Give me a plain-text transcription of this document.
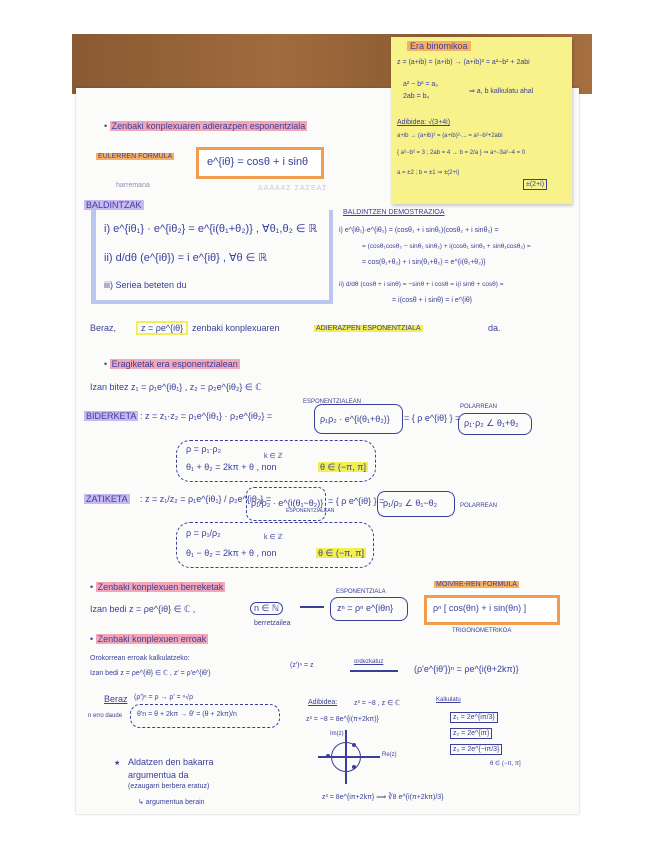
Era binomikoa
z = (a+ib) = (a+ib) → (a+ib)² = a²−b² + 2abi
a² − b² = a₀
2ab = b₀
⇒ a, b kalkulatu ahal
Adibidea: √(3+4i)
a+ib → (a+ib)² = (a+ib)²·... = a²−b²+2abi
{ a²−b² = 3 ; 2ab = 4 → b = 2/a } ⇒ a⁴−3a²−4 = 0
a = ±2 ; b = ±1 ⇒ ±(2+i)
±(2+i)
• Zenbaki konplexuaren adierazpen esponentziala
EULERREN FORMULA
harremana
e^{iθ} = cosθ + i sinθ
ΔΑΑΑΑΣ ΣΑΣΕΑΣ
BALDINTZAK
i) e^{iθ₁} · e^{iθ₂} = e^{i(θ₁+θ₂)} , ∀θ₁,θ₂ ∈ ℝ
ii) d/dθ (e^{iθ}) = i e^{iθ} , ∀θ ∈ ℝ
iii) Seriea beteten du
BALDINTZEN DEMOSTRAZIOA
i) e^{iθ₁}·e^{iθ₂} = (cosθ₁ + i sinθ₁)(cosθ₂ + i sinθ₂) =
= (cosθ₁cosθ₂ − sinθ₁ sinθ₂) + i(cosθ₁ sinθ₂ + sinθ₁cosθ₂) =
= cos(θ₁+θ₂) + i sin(θ₁+θ₂) = e^{i(θ₁+θ₂)}
ii) d/dθ (cosθ + i sinθ) = −sinθ + i cosθ = i(i sinθ + cosθ) =
= i(cosθ + i sinθ) = i e^{iθ}
Beraz,	z = ρe^{iθ} zenbaki konplexuaren	ADIERAZPEN ESPONENTZIALA	da.
• Eragiketak era esponentzialean
Izan bitez z₁ = ρ₁e^{iθ₁} , z₂ = ρ₂e^{iθ₂} ∈ ℂ
ESPONENTZIALEAN
POLARREAN
BIDERKETA : z = z₁·z₂ = ρ₁e^{iθ₁} · ρ₂e^{iθ₂} =	ρ₁ρ₂ · e^{i(θ₁+θ₂)} = { ρ e^{iθ} } = ρ₁·ρ₂ ∠ θ₁+θ₂
ρ = ρ₁·ρ₂
k ∈ ℤ
θ₁ + θ₂ = 2kπ + θ , non	θ ∈ (−π, π]
ZATIKETA : z = z₁/z₂ = ρ₁e^{iθ₁} / ρ₂e^{iθ₂} =
ρ₁/ρ₂ · e^{i(θ₁−θ₂)}
ESPONENTZIALEAN
= { ρ e^{iθ} } =
ρ₁/ρ₂ ∠ θ₁−θ₂	POLARREAN
ρ = ρ₁/ρ₂	k ∈ ℤ
θ₁ − θ₂ = 2kπ + θ , non	θ ∈ (−π, π]
• Zenbaki konplexuen berreketak
Izan bedi z = ρe^{iθ} ∈ ℂ ,	n ∈ ℕ
berretzailea
ESPONENTZIALA
zⁿ = ρⁿ e^{iθn}
MOIVRE-REN FORMULA
ρⁿ [ cos(θn) + i sin(θn) ]
TRIGONOMETRIKOA
• Zenbaki konplexuen erroak
Orokorrean erroak kalkulatzeko:
Izan bedi z = ρe^{iθ} ∈ ℂ , z' = ρ'e^{iθ'}
(z')ⁿ = z	ordezkatuz
(ρ'e^{iθ'})ⁿ = ρe^{i(θ+2kπ)}
Beraz (ρ')ⁿ = ρ → ρ' = ⁿ√ρ
n erro daude θ'n = θ + 2kπ → θ' = (θ + 2kπ)/n
★ Aldatzen den bakarra
argumentua da
(ezaugarri berbera eratuz)
↳ argumentua berain
Adibidea: z³ = −8 , z ∈ ℂ	Kalkulatu
z³ = −8 = 8e^{i(π+2kπ)}	z₁ = 2e^{iπ/3}
z₂ = 2e^{iπ}
z₃ = 2e^{−iπ/3}
θ ∈ (−π, π]
Im(z)
Re(z)
z³ = 8e^{iπ+2kπ} ⟹ ∛8 e^{i(π+2kπ)/3}
